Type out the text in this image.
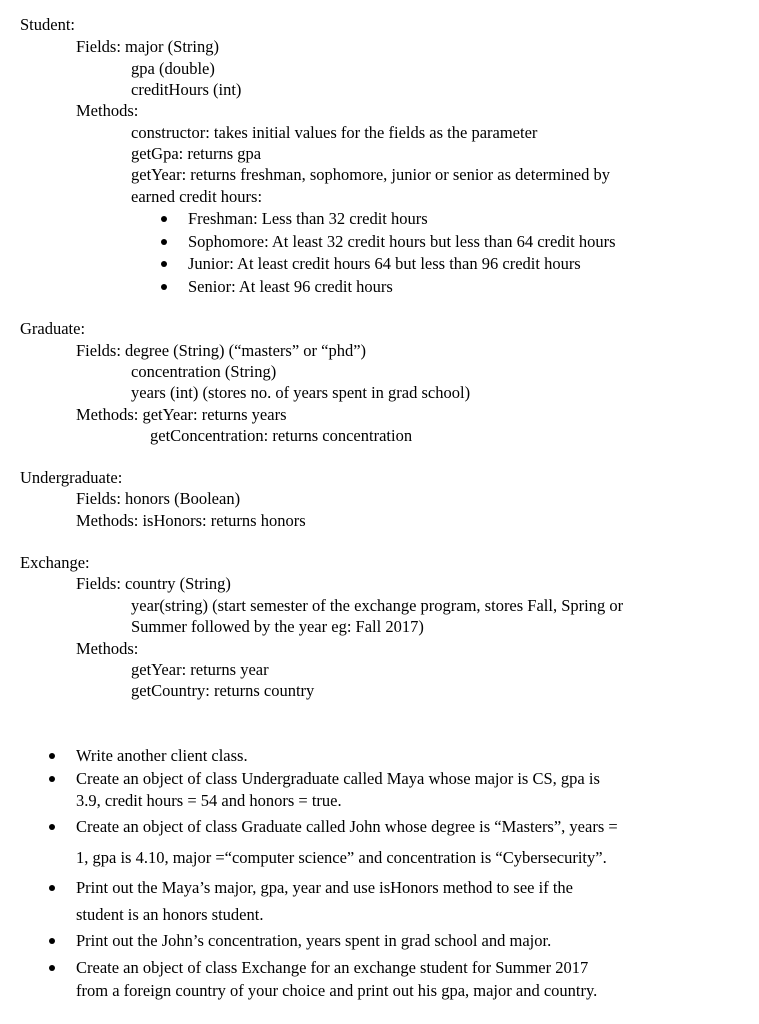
Student:
Fields: major (String)
gpa (double)
creditHours (int)
Methods:
constructor: takes initial values for the fields as the parameter
getGpa: returns gpa
getYear: returns freshman, sophomore, junior or senior as determined by
earned credit hours:
Freshman: Less than 32 credit hours
Sophomore: At least 32 credit hours but less than 64 credit hours
Junior: At least credit hours 64 but less than 96 credit hours
Senior: At least 96 credit hours
Graduate:
Fields: degree (String) (“masters” or “phd”)
concentration (String)
years (int) (stores no. of years spent in grad school)
Methods: getYear: returns years
getConcentration: returns concentration
Undergraduate:
Fields: honors (Boolean)
Methods: isHonors: returns honors
Exchange:
Fields: country (String)
year(string) (start semester of the exchange program, stores Fall, Spring or
Summer followed by the year eg: Fall 2017)
Methods:
getYear: returns year
getCountry: returns country
Write another client class.
Create an object of class Undergraduate called Maya whose major is CS, gpa is
3.9, credit hours = 54 and honors = true.
Create an object of class Graduate called John whose degree is “Masters”, years =
1, gpa is 4.10, major =“computer science” and concentration is “Cybersecurity”.
Print out the Maya’s major, gpa, year and use isHonors method to see if the
student is an honors student.
Print out the John’s concentration, years spent in grad school and major.
Create an object of class Exchange for an exchange student for Summer 2017
from a foreign country of your choice and print out his gpa, major and country.
